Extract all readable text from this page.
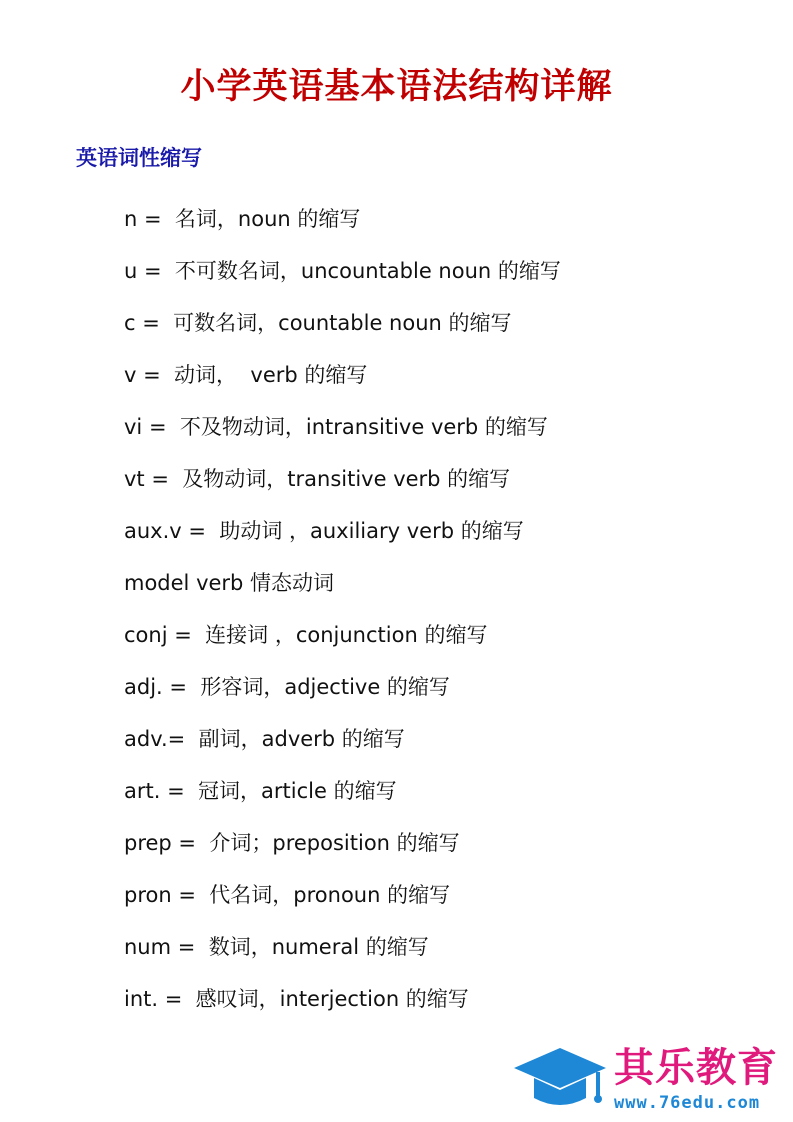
小学英语基本语法结构详解
英语词性缩写
n =  名词，noun 的缩写
u =  不可数名词，uncountable noun 的缩写
c =  可数名词，countable noun 的缩写
v =  动词，  verb 的缩写
vi =  不及物动词，intransitive verb 的缩写
vt =  及物动词，transitive verb 的缩写
aux.v =  助动词 ，auxiliary verb 的缩写
model verb 情态动词
conj =  连接词 ，conjunction 的缩写
adj. =  形容词，adjective 的缩写
adv.=  副词，adverb 的缩写
art. =  冠词，article 的缩写
prep =  介词；preposition 的缩写
pron =  代名词，pronoun 的缩写
num =  数词，numeral 的缩写
int. =  感叹词，interjection 的缩写
其乐教育
www.76edu.com
